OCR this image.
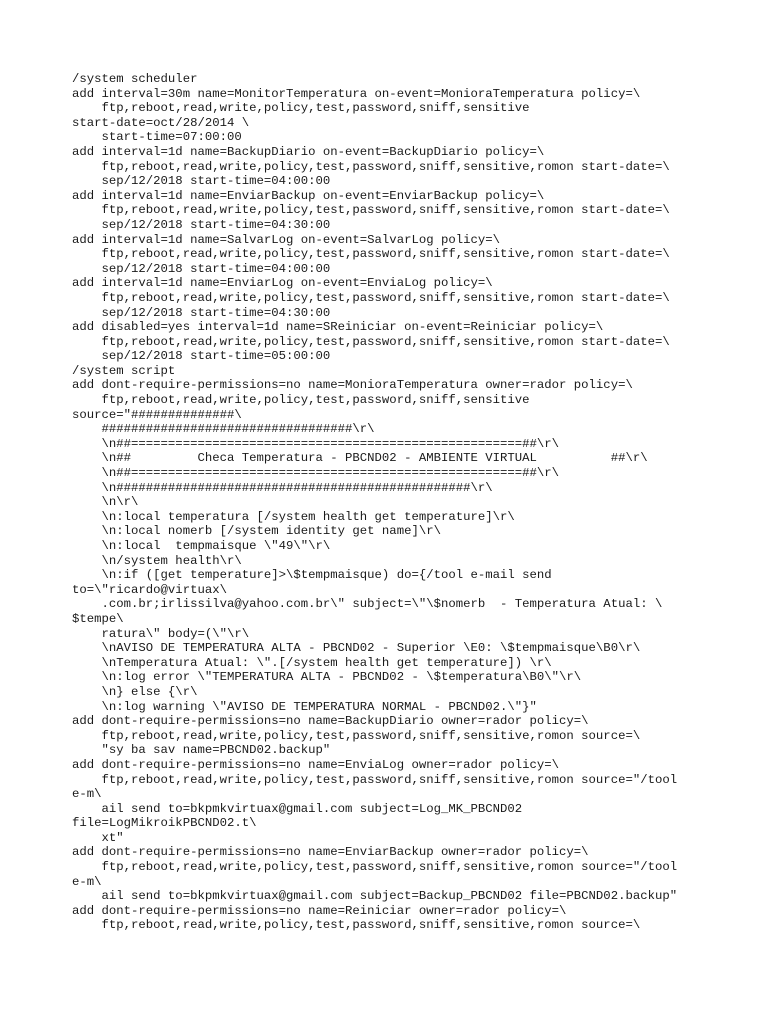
/system scheduler
add interval=30m name=MonitorTemperatura on-event=MonioraTemperatura policy=\
ftp,reboot,read,write,policy,test,password,sniff,sensitive
start-date=oct/28/2014 \
start-time=07:00:00
add interval=1d name=BackupDiario on-event=BackupDiario policy=\
ftp,reboot,read,write,policy,test,password,sniff,sensitive,romon start-date=\
sep/12/2018 start-time=04:00:00
add interval=1d name=EnviarBackup on-event=EnviarBackup policy=\
ftp,reboot,read,write,policy,test,password,sniff,sensitive,romon start-date=\
sep/12/2018 start-time=04:30:00
add interval=1d name=SalvarLog on-event=SalvarLog policy=\
ftp,reboot,read,write,policy,test,password,sniff,sensitive,romon start-date=\
sep/12/2018 start-time=04:00:00
add interval=1d name=EnviarLog on-event=EnviaLog policy=\
ftp,reboot,read,write,policy,test,password,sniff,sensitive,romon start-date=\
sep/12/2018 start-time=04:30:00
add disabled=yes interval=1d name=SReiniciar on-event=Reiniciar policy=\
ftp,reboot,read,write,policy,test,password,sniff,sensitive,romon start-date=\
sep/12/2018 start-time=05:00:00
/system script
add dont-require-permissions=no name=MonioraTemperatura owner=rador policy=\
ftp,reboot,read,write,policy,test,password,sniff,sensitive
source="##############\
##################################\r\
\n##=====================================================##\r\
\n##         Checa Temperatura - PBCND02 - AMBIENTE VIRTUAL          ##\r\
\n##=====================================================##\r\
\n################################################\r\
\n\r\
\n:local temperatura [/system health get temperature]\r\
\n:local nomerb [/system identity get name]\r\
\n:local  tempmaisque \"49\"\r\
\n/system health\r\
\n:if ([get temperature]>\$tempmaisque) do={/tool e-mail send
to=\"ricardo@virtuax\
.com.br;irlissilva@yahoo.com.br\" subject=\"\$nomerb  - Temperatura Atual: \
$tempe\
ratura\" body=(\"\r\
\nAVISO DE TEMPERATURA ALTA - PBCND02 - Superior \E0: \$tempmaisque\B0\r\
\nTemperatura Atual: \".[/system health get temperature]) \r\
\n:log error \"TEMPERATURA ALTA - PBCND02 - \$temperatura\B0\"\r\
\n} else {\r\
\n:log warning \"AVISO DE TEMPERATURA NORMAL - PBCND02.\"}"
add dont-require-permissions=no name=BackupDiario owner=rador policy=\
ftp,reboot,read,write,policy,test,password,sniff,sensitive,romon source=\
"sy ba sav name=PBCND02.backup"
add dont-require-permissions=no name=EnviaLog owner=rador policy=\
ftp,reboot,read,write,policy,test,password,sniff,sensitive,romon source="/tool
e-m\
ail send to=bkpmkvirtuax@gmail.com subject=Log_MK_PBCND02
file=LogMikroikPBCND02.t\
xt"
add dont-require-permissions=no name=EnviarBackup owner=rador policy=\
ftp,reboot,read,write,policy,test,password,sniff,sensitive,romon source="/tool
e-m\
ail send to=bkpmkvirtuax@gmail.com subject=Backup_PBCND02 file=PBCND02.backup"
add dont-require-permissions=no name=Reiniciar owner=rador policy=\
ftp,reboot,read,write,policy,test,password,sniff,sensitive,romon source=\
